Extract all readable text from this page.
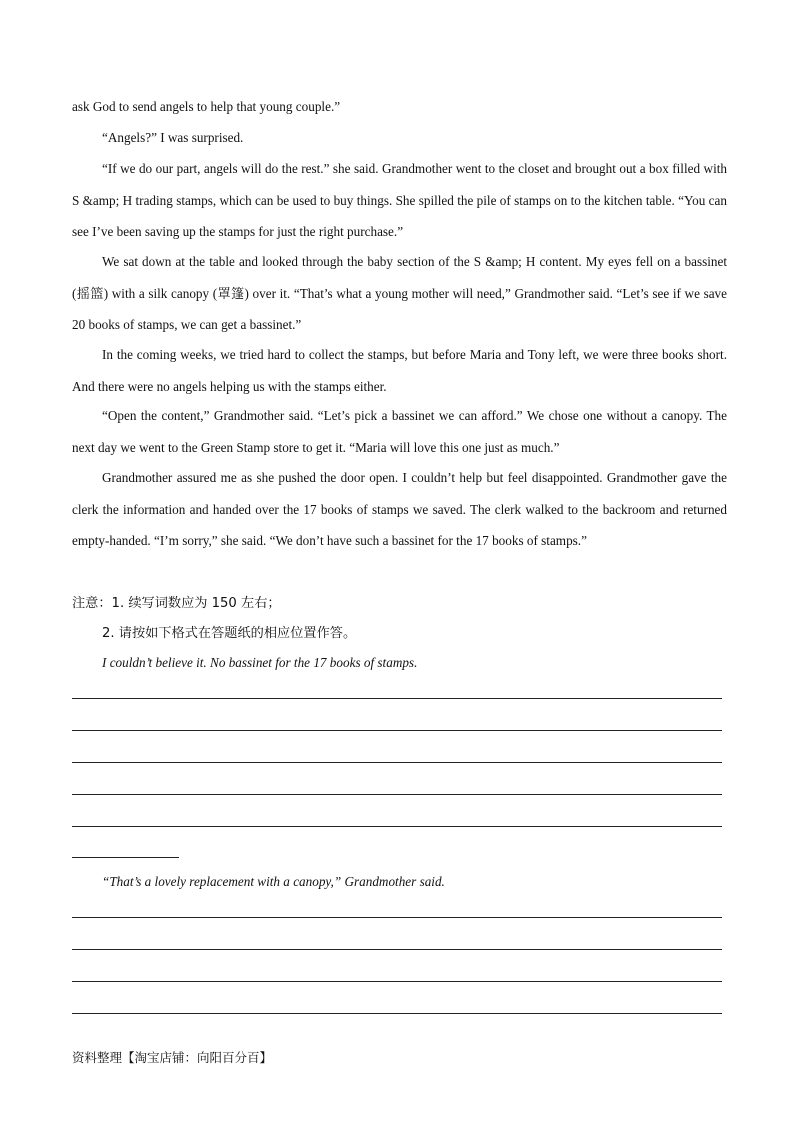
ask God to send angels to help that young couple.”

“Angels?” I was surprised.

“If we do our part, angels will do the rest.” she said. Grandmother went to the closet and brought out a box filled with S &amp; H trading stamps, which can be used to buy things. She spilled the pile of stamps on to the kitchen table. “You can see I’ve been saving up the stamps for just the right purchase.”

We sat down at the table and looked through the baby section of the S &amp; H content. My eyes fell on a bassinet (摇篮) with a silk canopy (罩篷) over it. “That’s what a young mother will need,” Grandmother said. “Let’s see if we save 20 books of stamps, we can get a bassinet.”

In the coming weeks, we tried hard to collect the stamps, but before Maria and Tony left, we were three books short. And there were no angels helping us with the stamps either.

“Open the content,” Grandmother said. “Let’s pick a bassinet we can afford.” We chose one without a canopy. The next day we went to the Green Stamp store to get it. “Maria will love this one just as much.”

Grandmother assured me as she pushed the door open. I couldn’t help but feel disappointed. Grandmother gave the clerk the information and handed over the 17 books of stamps we saved. The clerk walked to the backroom and returned empty-handed. “I’m sorry,” she said. “We don’t have such a bassinet for the 17 books of stamps.”

注意：1. 续写词数应为 150 左右；

2. 请按如下格式在答题纸的相应位置作答。

I couldn’t believe it. No bassinet for the 17 books of stamps.

“That’s a lovely replacement with a canopy,” Grandmother said.

资料整理【淘宝店铺：向阳百分百】
